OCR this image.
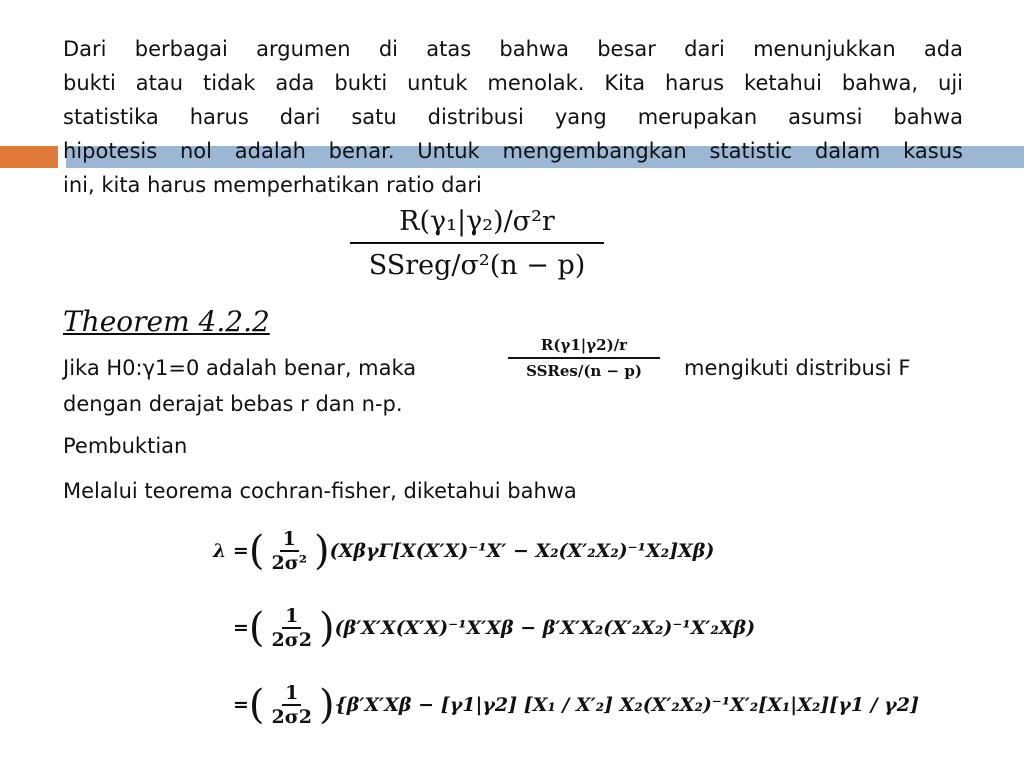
Dari berbagai argumen di atas bahwa besar dari menunjukkan ada
bukti atau tidak ada bukti untuk menolak. Kita harus ketahui bahwa, uji
statistika harus dari satu distribusi yang merupakan asumsi bahwa
hipotesis nol adalah benar. Untuk mengembangkan statistic dalam kasus
ini, kita harus memperhatikan ratio dari
R(γ₁|γ₂)/σ²r
SSreg/σ²(n − p)
Theorem 4.2.2
Jika H0:γ1=0 adalah benar, maka
R(γ1|γ2)/r
SSRes/(n − p)	mengikuti distribusi F
dengan derajat bebas r dan n-p.
Pembuktian
Melalui teorema cochran-fisher, diketahui bahwa
λ = ( $\frac{1}{\text{2σ²}}$ ) (XβγΓ[X(X′X)⁻¹X′ − X₂(X′₂X₂)⁻¹X₂]Xβ)
= ( $\frac{1}{2\sigma 2}$ ) (β′X′X(X′X)⁻¹X′Xβ − β′X′X₂(X′₂X₂)⁻¹X′₂Xβ)
= ( $\frac{1}{2\sigma 2}$ ) {β′X′Xβ − [γ1|γ2] [X₁ / X′₂] X₂(X′₂X₂)⁻¹X′₂[X₁|X₂][γ1 / γ2]
